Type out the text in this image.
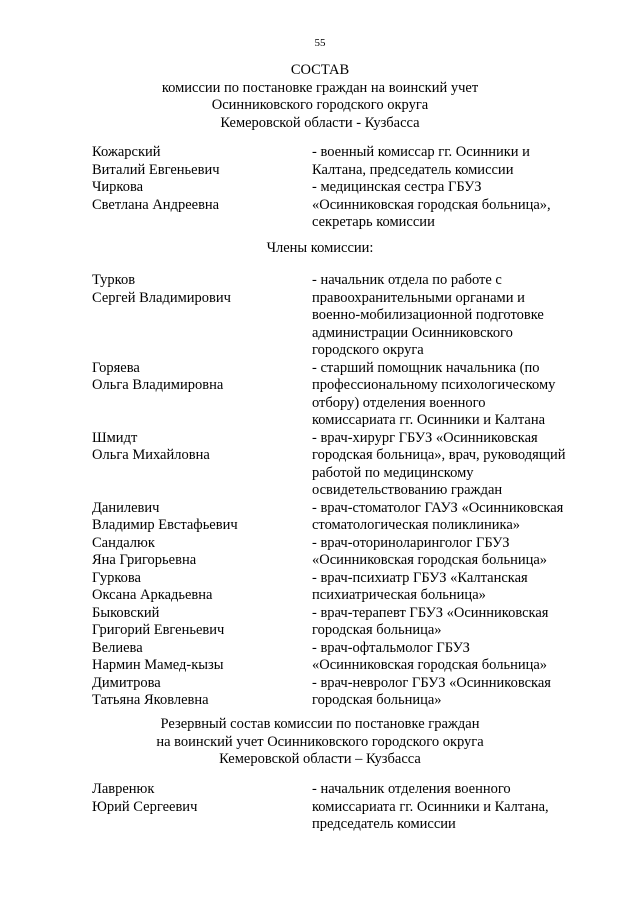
55
СОСТАВ
комиссии по постановке граждан на воинский учет
Осинниковского городского округа
Кемеровской области - Кузбасса
Кожарский
Виталий Евгеньевич
- военный комиссар гг. Осинники и
Калтана, председатель комиссии
Чиркова
Светлана Андреевна
- медицинская сестра ГБУЗ
«Осинниковская городская больница»,
секретарь комиссии
Члены комиссии:
Турков
Сергей Владимирович
- начальник отдела по работе с
правоохранительными органами и
военно-мобилизационной подготовке
администрации Осинниковского
городского округа
Горяева
Ольга Владимировна
- старший помощник начальника (по
профессиональному психологическому
отбору) отделения военного
комиссариата гг. Осинники и Калтана
Шмидт
Ольга Михайловна
- врач-хирург ГБУЗ «Осинниковская
городская больница», врач, руководящий
работой по медицинскому
освидетельствованию граждан
Данилевич
Владимир Евстафьевич
- врач-стоматолог ГАУЗ «Осинниковская
стоматологическая поликлиника»
Сандалюк
Яна Григорьевна
- врач-оториноларинголог ГБУЗ
«Осинниковская городская больница»
Гуркова
Оксана Аркадьевна
- врач-психиатр ГБУЗ «Калтанская
психиатрическая больница»
Быковский
Григорий Евгеньевич
- врач-терапевт ГБУЗ «Осинниковская
городская больница»
Велиева
Нармин Мамед-кызы
- врач-офтальмолог ГБУЗ
«Осинниковская городская больница»
Димитрова
Татьяна Яковлевна
- врач-невролог ГБУЗ «Осинниковская
городская больница»
Резервный состав комиссии по постановке граждан
на воинский учет Осинниковского городского округа
Кемеровской области – Кузбасса
Лавренюк
Юрий Сергеевич
- начальник отделения военного
комиссариата гг. Осинники и Калтана,
председатель комиссии
